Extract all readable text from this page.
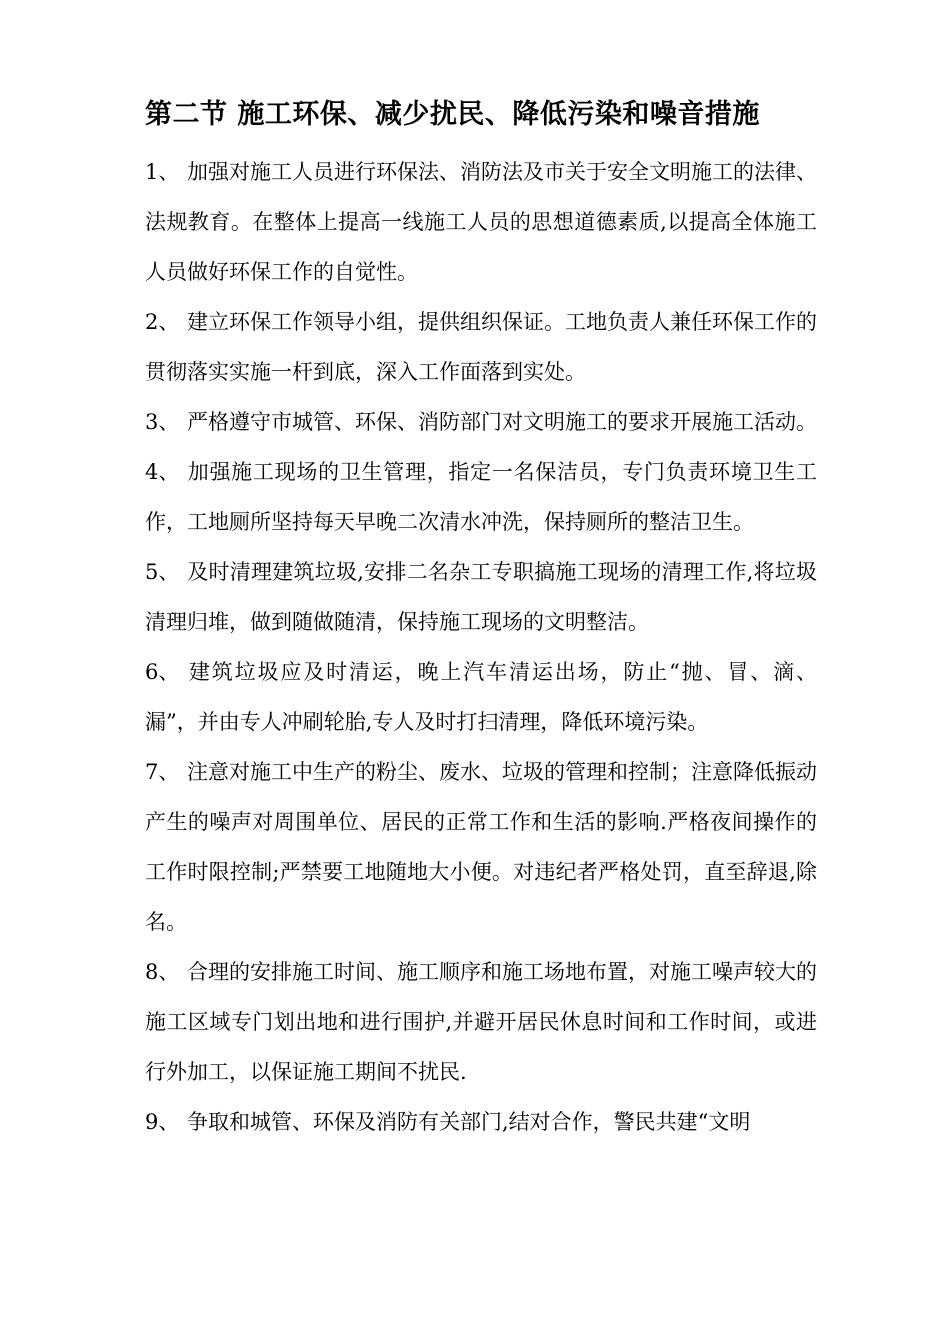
第二节 施工环保、减少扰民、降低污染和噪音措施

1、 加强对施工人员进行环保法、消防法及市关于安全文明施工的法律、法规教育。在整体上提高一线施工人员的思想道德素质,以提高全体施工人员做好环保工作的自觉性。

2、 建立环保工作领导小组，提供组织保证。工地负责人兼任环保工作的贯彻落实实施一杆到底，深入工作面落到实处。

3、 严格遵守市城管、环保、消防部门对文明施工的要求开展施工活动。

4、 加强施工现场的卫生管理，指定一名保洁员，专门负责环境卫生工作，工地厕所坚持每天早晚二次清水冲洗，保持厕所的整洁卫生。

5、 及时清理建筑垃圾,安排二名杂工专职搞施工现场的清理工作,将垃圾清理归堆，做到随做随清，保持施工现场的文明整洁。

6、 建筑垃圾应及时清运，晚上汽车清运出场，防止“抛、冒、滴、漏”，并由专人冲刷轮胎,专人及时打扫清理，降低环境污染。

7、 注意对施工中生产的粉尘、废水、垃圾的管理和控制；注意降低振动产生的噪声对周围单位、居民的正常工作和生活的影响.严格夜间操作的工作时限控制;严禁要工地随地大小便。对违纪者严格处罚，直至辞退,除名。

8、 合理的安排施工时间、施工顺序和施工场地布置，对施工噪声较大的施工区域专门划出地和进行围护,并避开居民休息时间和工作时间，或进行外加工，以保证施工期间不扰民.

9、 争取和城管、环保及消防有关部门,结对合作，警民共建“文明
